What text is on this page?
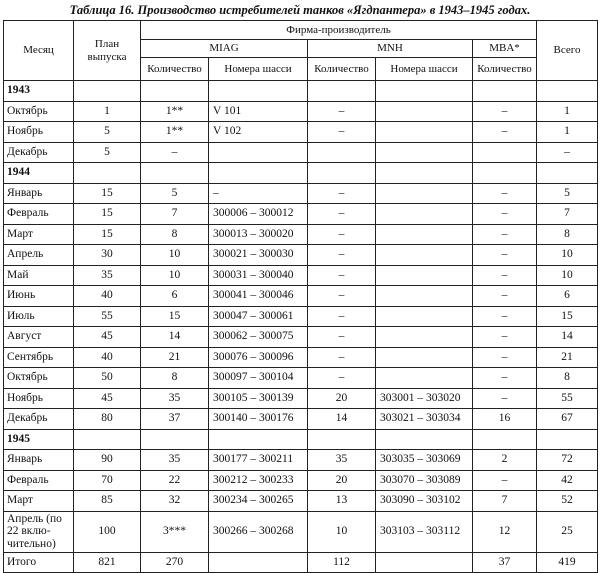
Таблица 16. Производство истребителей танков «Ягдпантера» в 1943–1945 годах.
Месяц	План выпуска	Фирма-производитель					Всего
		MIAG		MNH		MBA*	
		Количество	Номера шасси	Количество	Номера шасси	Количество	
1943							
Октябрь	1	1**	V 101	–		–	1
Ноябрь	5	1**	V 102	–		–	1
Декабрь	5	–					–
1944							
Январь	15	5	–	–		–	5
Февраль	15	7	300006 – 300012	–		–	7
Март	15	8	300013 – 300020	–		–	8
Апрель	30	10	300021 – 300030	–		–	10
Май	35	10	300031 – 300040	–		–	10
Июнь	40	6	300041 – 300046	–		–	6
Июль	55	15	300047 – 300061	–		–	15
Август	45	14	300062 – 300075	–		–	14
Сентябрь	40	21	300076 – 300096	–		–	21
Октябрь	50	8	300097 – 300104	–		–	8
Ноябрь	45	35	300105 – 300139	20	303001 – 303020	–	55
Декабрь	80	37	300140 – 300176	14	303021 – 303034	16	67
1945							
Январь	90	35	300177 – 300211	35	303035 – 303069	2	72
Февраль	70	22	300212 – 300233	20	303070 – 303089	–	42
Март	85	32	300234 – 300265	13	303090 – 303102	7	52
Апрель (по 22 вклю- чительно)	100	3***	300266 – 300268	10	303103 – 303112	12	25
Итого	821	270		112		37	419
